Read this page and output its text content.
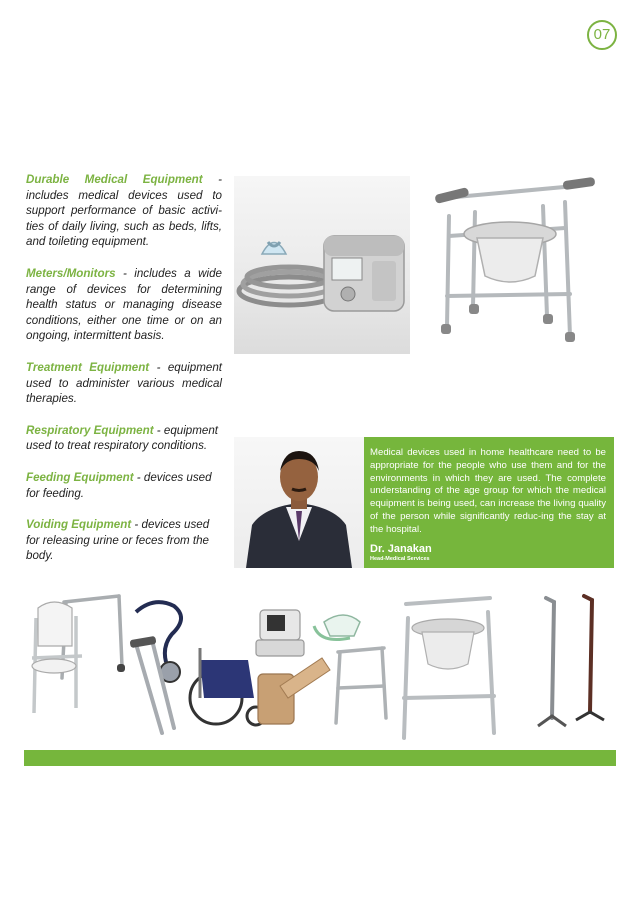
07

Durable Medical Equipment - includes medical devices used to support performance of basic activi-ties of daily living, such as beds, lifts, and toileting equipment.

Meters/Monitors - includes a wide range of devices for determining health status or managing disease conditions, either one time or on an ongoing, intermittent basis.

Treatment Equipment - equipment used to administer various medical therapies.

Respiratory Equipment - equipment used to treat respiratory conditions.

Feeding Equipment - devices used for feeding.

Voiding Equipment - devices used for releasing urine or feces from the body.

Medical devices used in home healthcare need to be appropriate for the people who use them and for the environments in which they are used. The complete understanding of the age group for which the medical equipment is being used, can increase the living quality of the person while significantly reduc-ing the stay at the hospital.

Dr. Janakan
Head-Medical Services
